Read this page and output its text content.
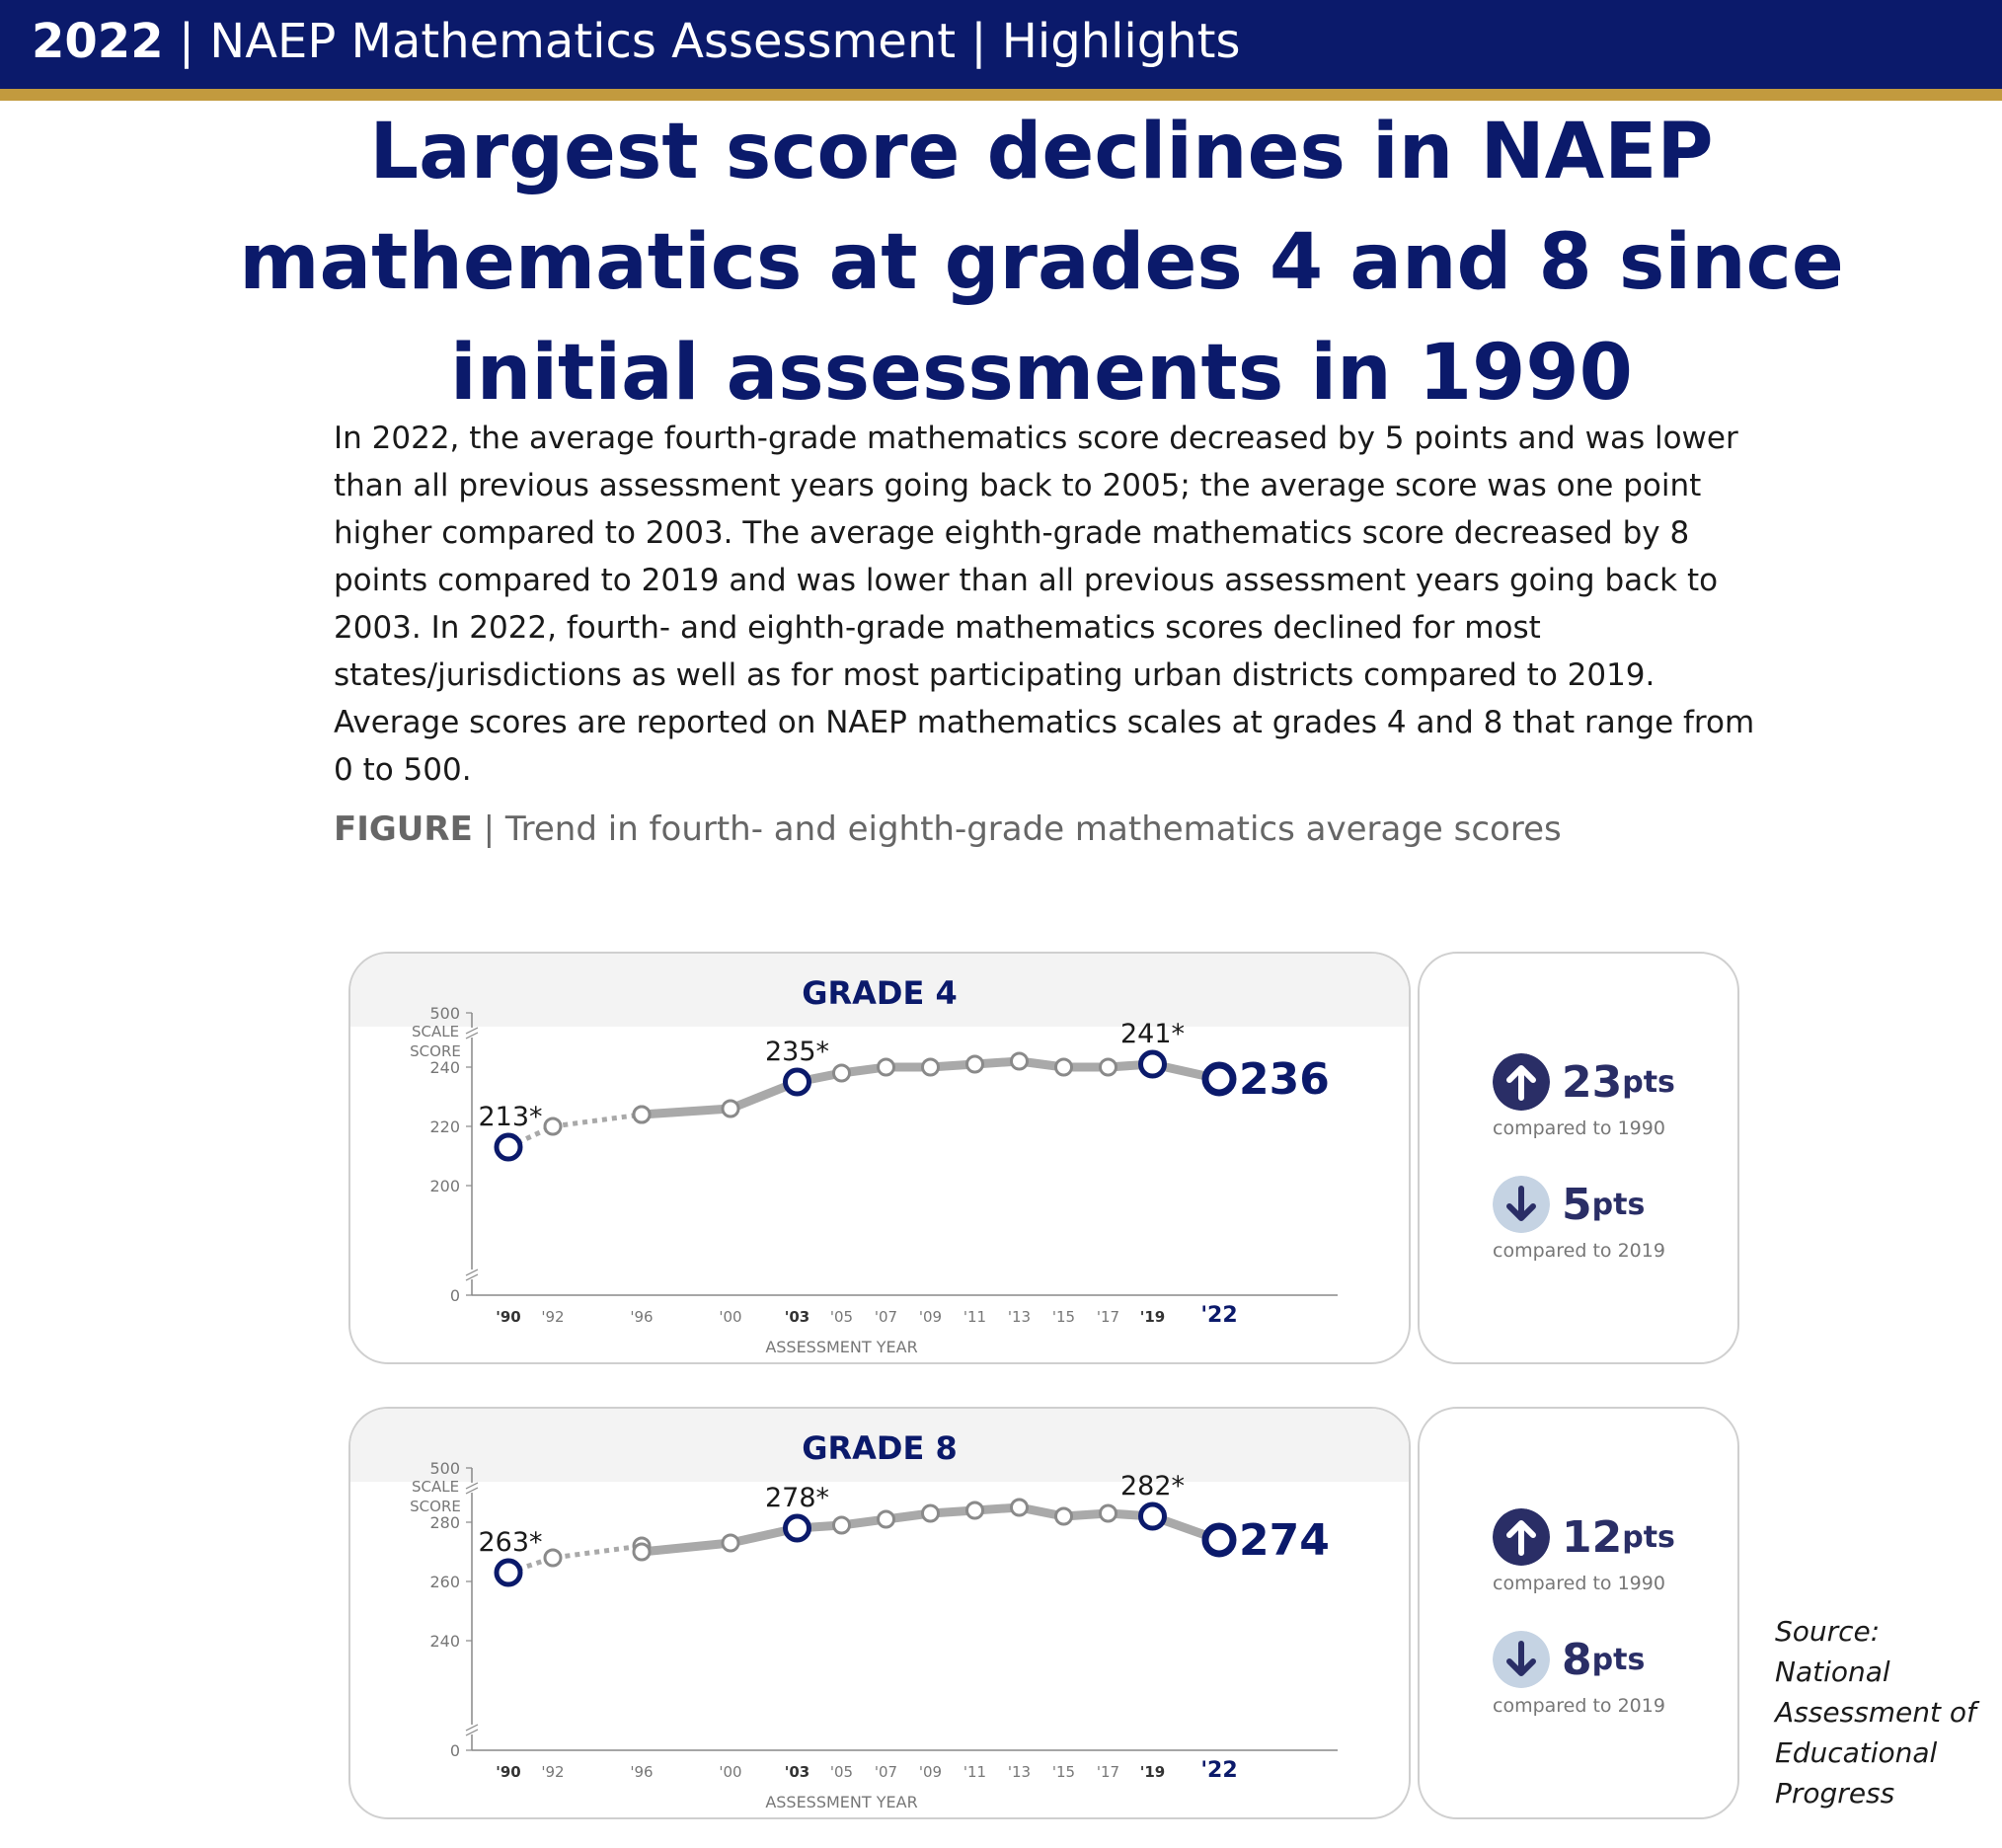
2022 | NAEP Mathematics Assessment | Highlights
Largest score declines in NAEP mathematics at grades 4 and 8 since initial assessments in 1990

In 2022, the average fourth-grade mathematics score decreased by 5 points and was lower than all previous assessment years going back to 2005; the average score was one point higher compared to 2003. The average eighth-grade mathematics score decreased by 8 points compared to 2019 and was lower than all previous assessment years going back to 2003. In 2022, fourth- and eighth-grade mathematics scores declined for most states/jurisdictions as well as for most participating urban districts compared to 2019. Average scores are reported on NAEP mathematics scales at grades 4 and 8 that range from 0 to 500.

FIGURE | Trend in fourth- and eighth-grade mathematics average scores
GRADE 4
SCALE
SCORE
500
240
220
200
0
'90 '92	'96	'00	'03 '05 '07 '09 '11 '13 '15 '17 '19 '22
ASSESSMENT YEAR
213*
235*
241*
236	23 pts
compared to 1990
5 pts
compared to 2019
GRADE 8
SCALE
SCORE
500
280
260
240
0
'90 '92	'96	'00	'03 '05 '07 '09 '11 '13 '15 '17 '19 '22
ASSESSMENT YEAR
263*
278*	282*
274	12 pts
compared to 1990
8 pts
compared to 2019
Source: National Assessment of Educational Progress
